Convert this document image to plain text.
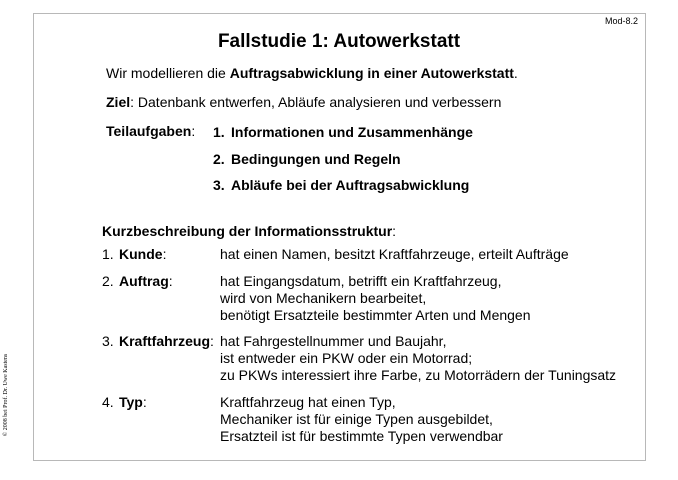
Mod-8.2
Fallstudie 1: Autowerkstatt
Wir modellieren die Auftragsabwicklung in einer Autowerkstatt.
Ziel: Datenbank entwerfen, Abläufe analysieren und verbessern
Teilaufgaben: 1. Informationen und Zusammenhänge
2. Bedingungen und Regeln
3. Abläufe bei der Auftragsabwicklung
Kurzbeschreibung der Informationsstruktur:
1. Kunde:	hat einen Namen, besitzt Kraftfahrzeuge, erteilt Aufträge
2. Auftrag:	hat Eingangsdatum, betrifft ein Kraftfahrzeug,
wird von Mechanikern bearbeitet,
benötigt Ersatzteile bestimmter Arten und Mengen
3. Kraftfahrzeug: hat Fahrgestellnummer und Baujahr,
ist entweder ein PKW oder ein Motorrad;
zu PKWs interessiert ihre Farbe, zu Motorrädern der Tuningsatz
4. Typ:	Kraftfahrzeug hat einen Typ,
Mechaniker ist für einige Typen ausgebildet,
Ersatzteil ist für bestimmte Typen verwendbar
© 2008 bei Prof. Dr. Uwe Kastens
